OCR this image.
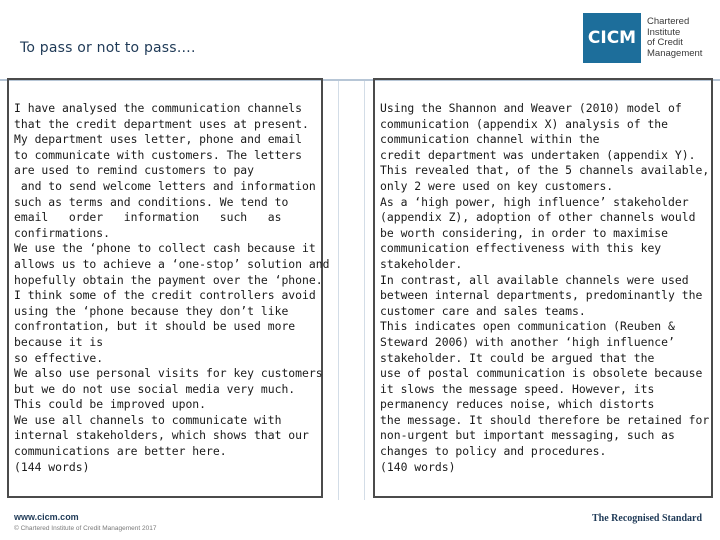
To pass or not to pass….	CICM
Chartered
Institute
of Credit
Management
I have analysed the communication channels
that the credit department uses at present.
My department uses letter, phone and email
to communicate with customers. The letters
are used to remind customers to pay
and to send welcome letters and information
such as terms and conditions. We tend to
email   order   information   such   as
confirmations.
We use the ‘phone to collect cash because it
allows us to achieve a ‘one-stop’ solution and
hopefully obtain the payment over the ‘phone.
I think some of the credit controllers avoid
using the ‘phone because they don’t like
confrontation, but it should be used more
because it is
so effective.
We also use personal visits for key customers
but we do not use social media very much.
This could be improved upon.
We use all channels to communicate with
internal stakeholders, which shows that our
communications are better here.
(144 words)
Using the Shannon and Weaver (2010) model of
communication (appendix X) analysis of the
communication channel within the
credit department was undertaken (appendix Y).
This revealed that, of the 5 channels available,
only 2 were used on key customers.
As a ‘high power, high influence’ stakeholder
(appendix Z), adoption of other channels would
be worth considering, in order to maximise
communication effectiveness with this key
stakeholder.
In contrast, all available channels were used
between internal departments, predominantly the
customer care and sales teams.
This indicates open communication (Reuben &
Steward 2006) with another ‘high influence’
stakeholder. It could be argued that the
use of postal communication is obsolete because
it slows the message speed. However, its
permanency reduces noise, which distorts
the message. It should therefore be retained for
non-urgent but important messaging, such as
changes to policy and procedures.
(140 words)
www.cicm.com
© Chartered Institute of Credit Management 2017
The Recognised Standard
